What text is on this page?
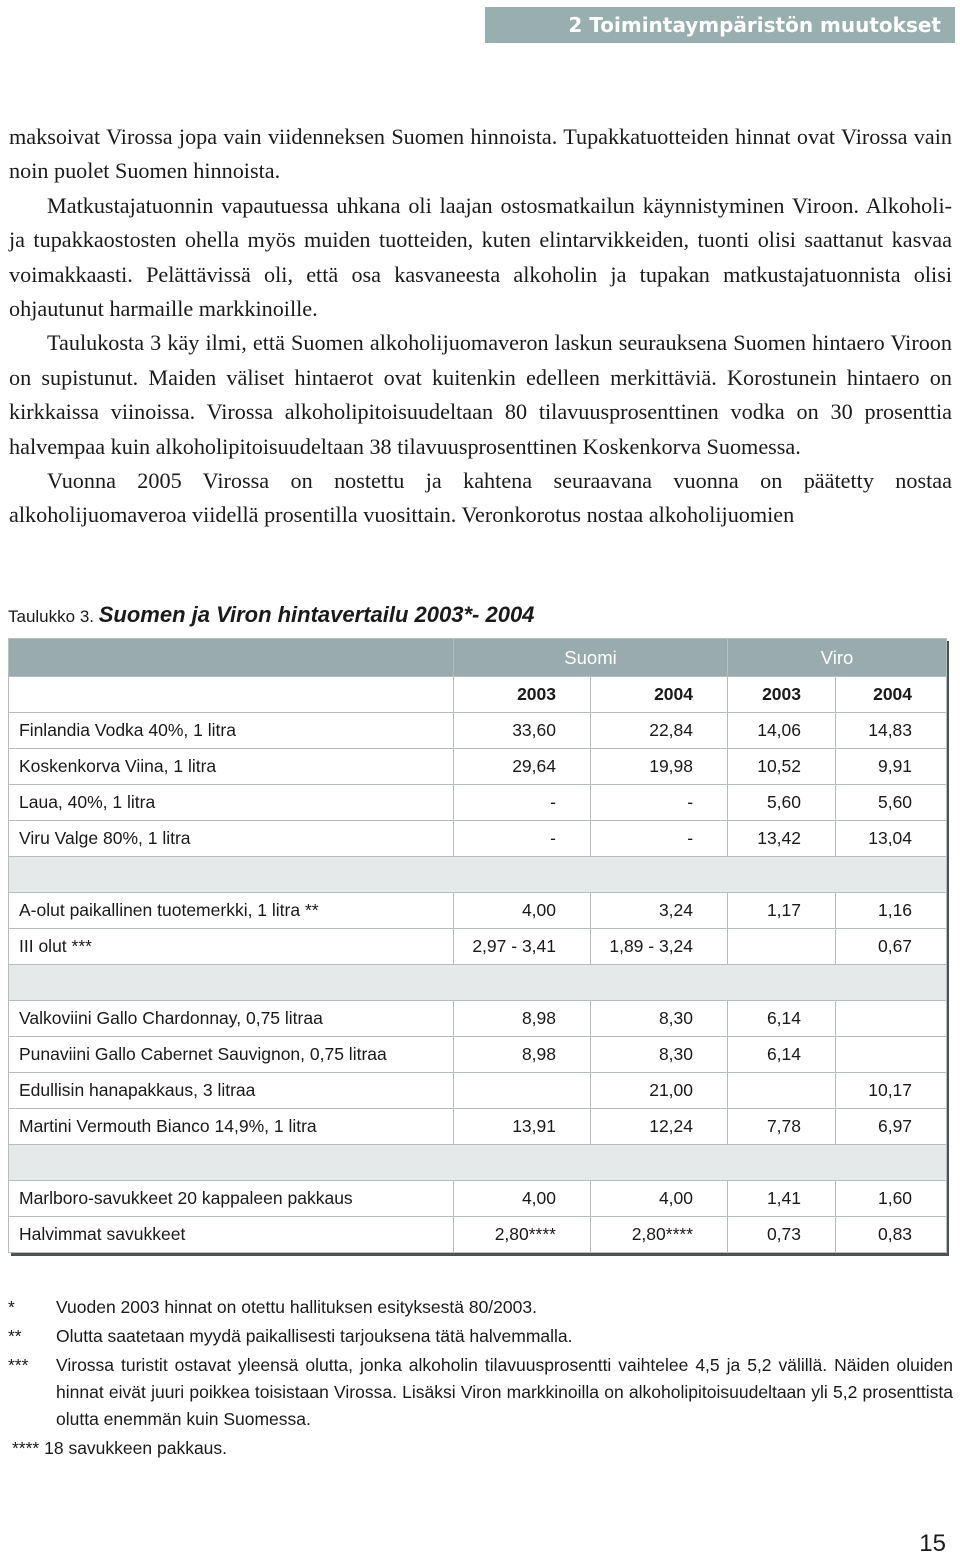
2 Toimintaympäristön muutokset

maksoivat Virossa jopa vain viidenneksen Suomen hinnoista. Tupakkatuotteiden hinnat ovat Virossa vain noin puolet Suomen hinnoista.

Matkustajatuonnin vapautuessa uhkana oli laajan ostosmatkailun käynnistyminen Viroon. Alkoholi- ja tupakkaostosten ohella myös muiden tuotteiden, kuten elintarvikkeiden, tuonti olisi saattanut kasvaa voimakkaasti. Pelättävissä oli, että osa kasvaneesta alkoholin ja tupakan matkustajatuonnista olisi ohjautunut harmaille markkinoille.

Taulukosta 3 käy ilmi, että Suomen alkoholijuomaveron laskun seurauksena Suomen hintaero Viroon on supistunut. Maiden väliset hintaerot ovat kuitenkin edelleen merkittäviä. Korostunein hintaero on kirkkaissa viinoissa. Virossa alkoholipitoisuudeltaan 80 tilavuusprosenttinen vodka on 30 prosenttia halvempaa kuin alkoholipitoisuudeltaan 38 tilavuusprosenttinen Koskenkorva Suomessa.

Vuonna 2005 Virossa on nostettu ja kahtena seuraavana vuonna on päätetty nostaa alkoholijuomaveroa viidellä prosentilla vuosittain. Veronkorotus nostaa alkoholijuomien

Taulukko 3. Suomen ja Viron hintavertailu 2003*- 2004
	Suomi		Viro	
	2003	2004	2003	2004
Finlandia Vodka 40%, 1 litra	33,60	22,84	14,06	14,83
Koskenkorva Viina, 1 litra	29,64	19,98	10,52	9,91
Laua, 40%, 1 litra	-	-	5,60	5,60
Viru Valge 80%, 1 litra	-	-	13,42	13,04

A-olut paikallinen tuotemerkki, 1 litra **	4,00	3,24	1,17	1,16
III olut ***	2,97 - 3,41	1,89 - 3,24		0,67

Valkoviini Gallo Chardonnay, 0,75 litraa	8,98	8,30	6,14	
Punaviini Gallo Cabernet Sauvignon, 0,75 litraa	8,98	8,30	6,14	
Edullisin hanapakkaus, 3 litraa		21,00		10,17
Martini Vermouth Bianco 14,9%, 1 litra	13,91	12,24	7,78	6,97

Marlboro-savukkeet 20 kappaleen pakkaus	4,00	4,00	1,41	1,60
Halvimmat savukkeet	2,80****	2,80****	0,73	0,83
*	Vuoden 2003 hinnat on otettu hallituksen esityksestä 80/2003.
**	Olutta saatetaan myydä paikallisesti tarjouksena tätä halvemmalla.
***	Virossa turistit ostavat yleensä olutta, jonka alkoholin tilavuusprosentti vaihtelee 4,5 ja 5,2 välillä. Näiden oluiden hinnat eivät juuri poikkea toisistaan Virossa. Lisäksi Viron markkinoilla on alkoholipitoisuudeltaan yli 5,2 prosenttista olutta enemmän kuin Suomessa.
****
18 savukkeen pakkaus.
15
